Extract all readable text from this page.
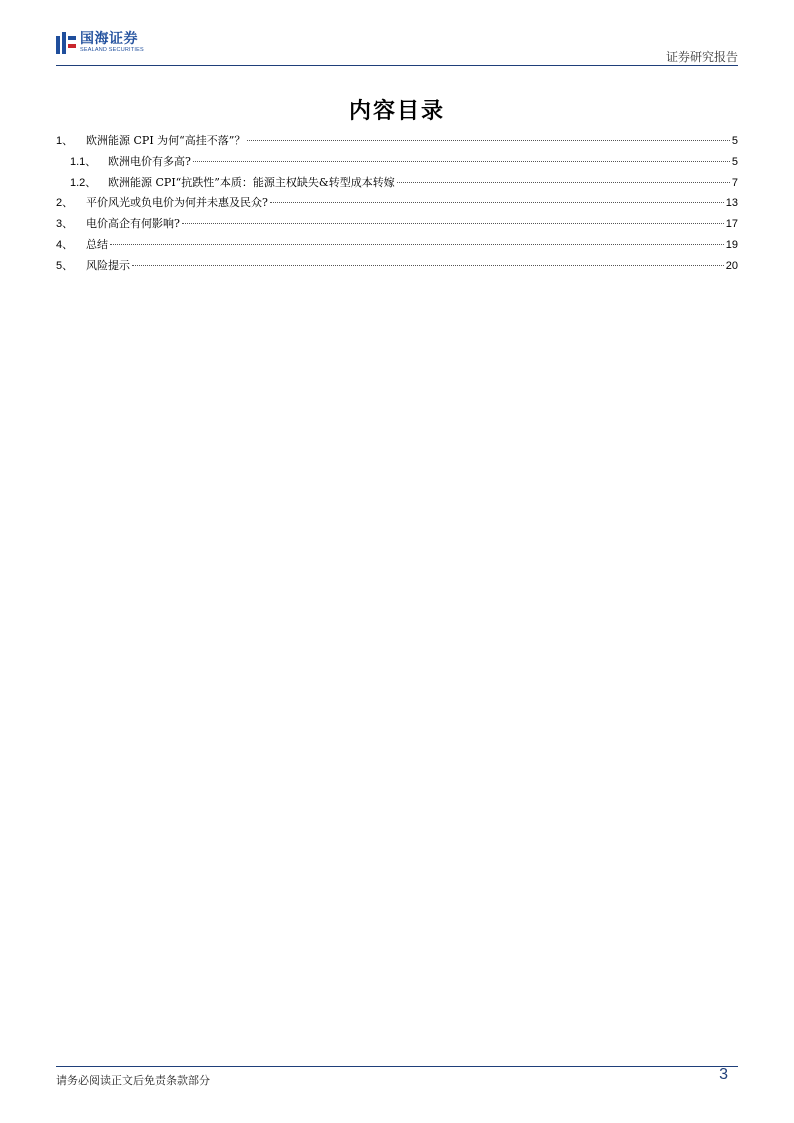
国海证券
SEALAND SECURITIES	证券研究报告
内容目录
1、	欧洲能源 CPI 为何“高挂不落”？	5
1.1、	欧洲电价有多高?	5
1.2、	欧洲能源 CPI“抗跌性”本质：能源主权缺失&转型成本转嫁	7
2、	平价风光或负电价为何并未惠及民众?	13
3、	电价高企有何影响?	17
4、	总结	19
5、	风险提示	20
请务必阅读正文后免责条款部分	3
